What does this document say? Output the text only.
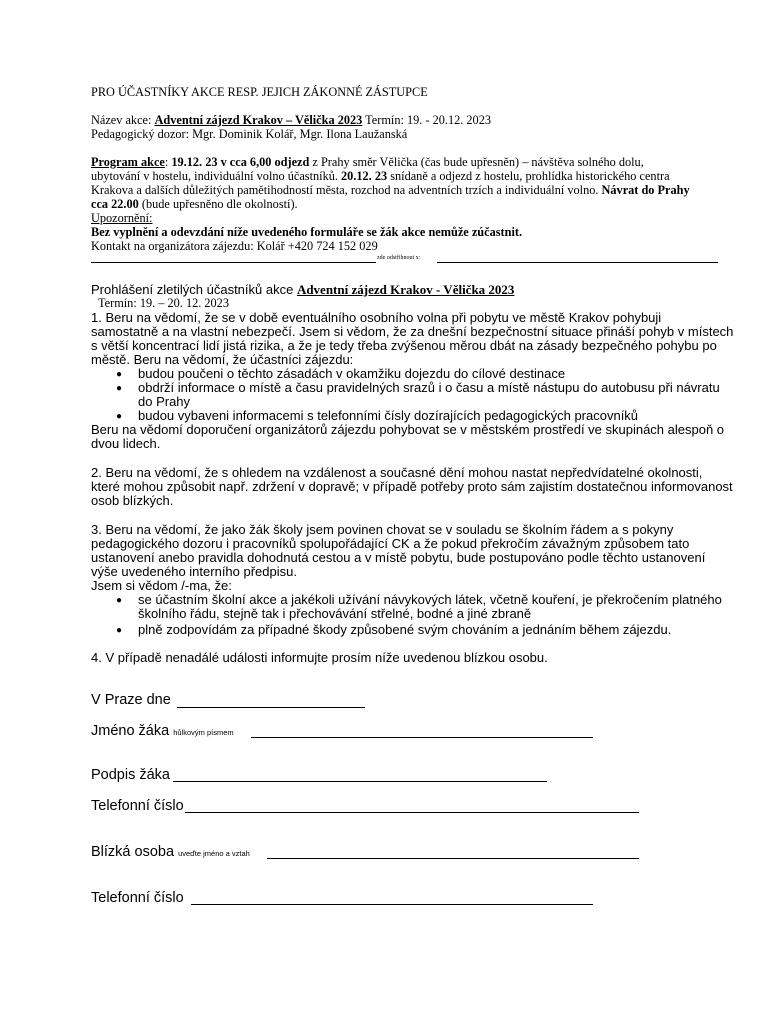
PRO ÚČASTNÍKY AKCE RESP. JEJICH ZÁKONNÉ ZÁSTUPCE
Název akce: Adventní zájezd Krakov – Vělička 2023 Termín: 19. - 20.12. 2023
Pedagogický dozor: Mgr. Dominik Kolář, Mgr. Ilona Laužanská
Program akce: 19.12. 23 v cca 6,00 odjezd z Prahy směr Vělička (čas bude upřesněn) – návštěva solného dolu,
ubytování v hostelu, individuální volno účastníků. 20.12. 23 snídaně a odjezd z hostelu, prohlídka historického centra
Krakova a dalších důležitých pamětihodností města, rozchod na adventních trzích a individuální volno. Návrat do Prahy
cca 22.00 (bude upřesněno dle okolností).
Upozornění:
Bez vyplnění a odevzdání níže uvedeného formuláře se žák akce nemůže zúčastnit.
Kontakt na organizátora zájezdu: Kolář +420 724 152 029
zde odstřihnout x:
Prohlášení zletilých účastníků akce Adventní zájezd Krakov - Vělička 2023
Termín: 19. – 20. 12. 2023
1. Beru na vědomí, že se v době eventuálního osobního volna při pobytu ve městě Krakov pohybuji
samostatně a na vlastní nebezpečí. Jsem si vědom, že za dnešní bezpečnostní situace přináší pohyb v místech
s větší koncentrací lidí jistá rizika, a že je tedy třeba zvýšenou měrou dbát na zásady bezpečného pohybu po
městě. Beru na vědomí, že účastníci zájezdu:
● budou poučeni o těchto zásadách v okamžiku dojezdu do cílové destinace
● obdrží informace o místě a času pravidelných srazů i o času a místě nástupu do autobusu při návratu
do Prahy
● budou vybaveni informacemi s telefonními čísly dozírajících pedagogických pracovníků
Beru na vědomí doporučení organizátorů zájezdu pohybovat se v městském prostředí ve skupinách alespoň o
dvou lidech.
2. Beru na vědomí, že s ohledem na vzdálenost a současné dění mohou nastat nepředvídatelné okolnosti,
které mohou způsobit např. zdržení v dopravě; v případě potřeby proto sám zajistím dostatečnou informovanost
osob blízkých.
3. Beru na vědomí, že jako žák školy jsem povinen chovat se v souladu se školním řádem a s pokyny
pedagogického dozoru i pracovníků spolupořádající CK a že pokud překročím závažným způsobem tato
ustanovení anebo pravidla dohodnutá cestou a v místě pobytu, bude postupováno podle těchto ustanovení
výše uvedeného interního předpisu.
Jsem si vědom /-ma, že:
● se účastním školní akce a jakékoli užívání návykových látek, včetně kouření, je překročením platného
školního řádu, stejně tak i přechovávání střelné, bodné a jiné zbraně
● plně zodpovídám za případné škody způsobené svým chováním a jednáním během zájezdu.
4. V případě nenadálé události informujte prosím níže uvedenou blízkou osobu.
V Praze dne
Jméno žáka hůlkovým písmem
Podpis žáka
Telefonní číslo
Blízká osoba uveďte jméno a vztah
Telefonní číslo
